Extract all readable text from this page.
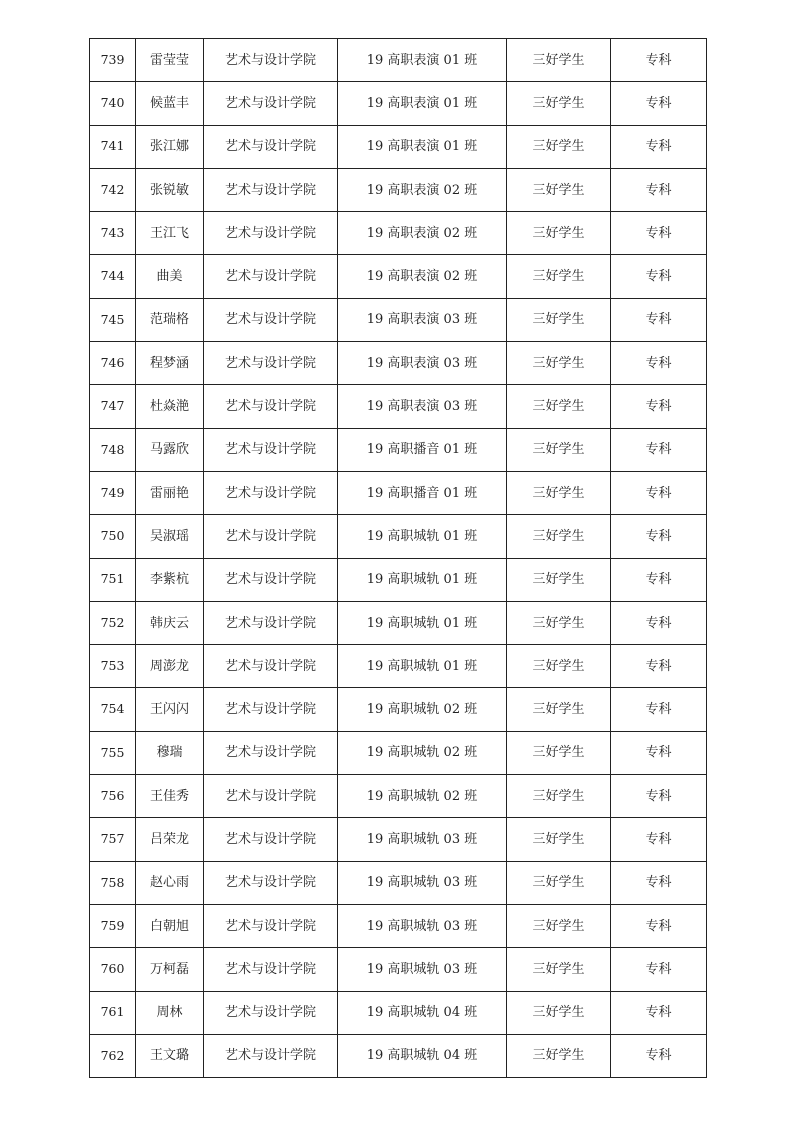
739	雷莹莹	艺术与设计学院	19 高职表演 01 班	三好学生	专科
740	候蓝丰	艺术与设计学院	19 高职表演 01 班	三好学生	专科
741	张江娜	艺术与设计学院	19 高职表演 01 班	三好学生	专科
742	张锐敏	艺术与设计学院	19 高职表演 02 班	三好学生	专科
743	王江飞	艺术与设计学院	19 高职表演 02 班	三好学生	专科
744	曲美	艺术与设计学院	19 高职表演 02 班	三好学生	专科
745	范瑞格	艺术与设计学院	19 高职表演 03 班	三好学生	专科
746	程梦涵	艺术与设计学院	19 高职表演 03 班	三好学生	专科
747	杜焱滟	艺术与设计学院	19 高职表演 03 班	三好学生	专科
748	马露欣	艺术与设计学院	19 高职播音 01 班	三好学生	专科
749	雷丽艳	艺术与设计学院	19 高职播音 01 班	三好学生	专科
750	吴淑瑶	艺术与设计学院	19 高职城轨 01 班	三好学生	专科
751	李紫杭	艺术与设计学院	19 高职城轨 01 班	三好学生	专科
752	韩庆云	艺术与设计学院	19 高职城轨 01 班	三好学生	专科
753	周澎龙	艺术与设计学院	19 高职城轨 01 班	三好学生	专科
754	王闪闪	艺术与设计学院	19 高职城轨 02 班	三好学生	专科
755	穆瑞	艺术与设计学院	19 高职城轨 02 班	三好学生	专科
756	王佳秀	艺术与设计学院	19 高职城轨 02 班	三好学生	专科
757	吕荣龙	艺术与设计学院	19 高职城轨 03 班	三好学生	专科
758	赵心雨	艺术与设计学院	19 高职城轨 03 班	三好学生	专科
759	白朝旭	艺术与设计学院	19 高职城轨 03 班	三好学生	专科
760	万柯磊	艺术与设计学院	19 高职城轨 03 班	三好学生	专科
761	周林	艺术与设计学院	19 高职城轨 04 班	三好学生	专科
762	王文璐	艺术与设计学院	19 高职城轨 04 班	三好学生	专科
